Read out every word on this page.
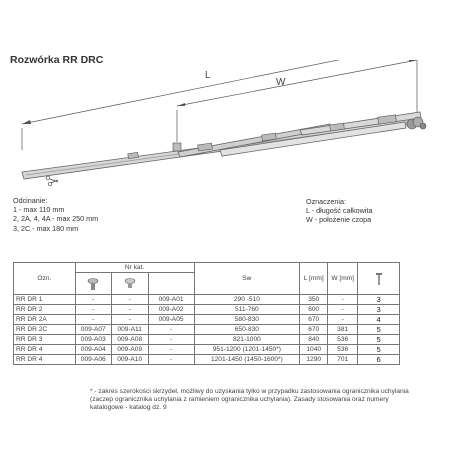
Rozwórka RR DRC
L
W
Odcinanie:
1 - max 110 mm
2, 2A, 4, 4A - max 250 mm
3, 2C - max 180 mm
Oznaczenia:
L - długość całkowita
W - położenie czopa
Ozn.	Nr kat.			Sw	L [mm]	W [mm]	

RR DR 1	-	-	009-A01	290 -510	350	-	3
RR DR 2	-	-	009-A02	511-760	600	-	3
RR DR 2A	-	-	009-A05	580-830	670	-	4
RR DR 2C	009-A07	009-A11	-	650-830	670	381	5
RR DR 3	009-A03	009-A08	-	821-1000	840	536	5
RR DR 4	009-A04	009-A09	-	951-1200 (1201-1450*)	1040	536	5
RR DR 4	009-A06	009-A10	-	1201-1450 (1450-1600*)	1290	701	6
* - zakres szerokości skrzydeł, możliwy do uzyskania tylko w przypadku zastosowania ogranicznika uchylania (zaczep ogranicznika uchylania z ramieniem ogranicznika uchylania). Zasady stosowania oraz numery katalogowe - katalog dz. 9
